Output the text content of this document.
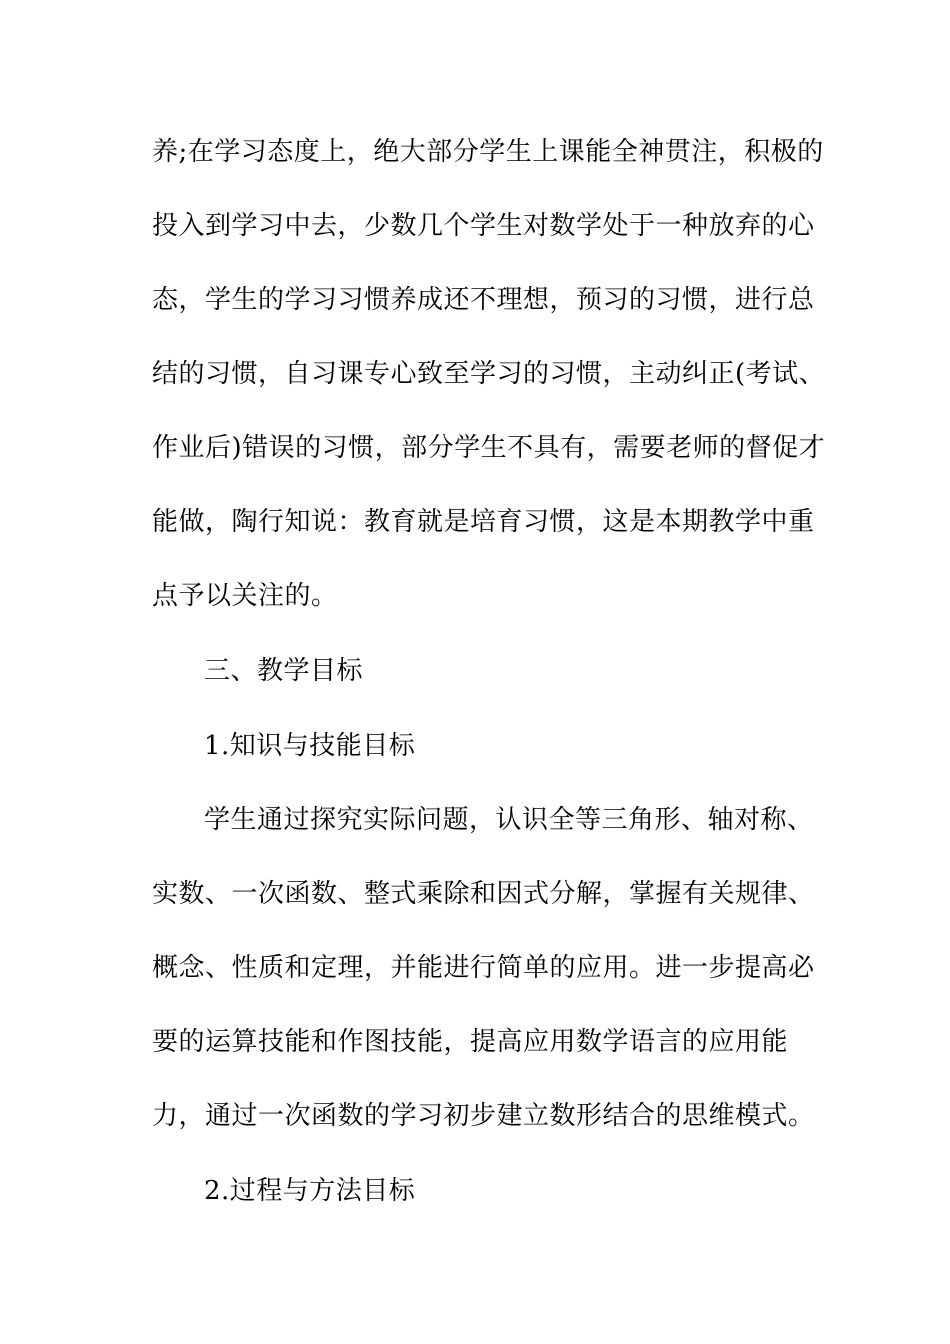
养;在学习态度上，绝大部分学生上课能全神贯注，积极的
投入到学习中去，少数几个学生对数学处于一种放弃的心
态，学生的学习习惯养成还不理想，预习的习惯，进行总
结的习惯，自习课专心致至学习的习惯，主动纠正(考试、
作业后)错误的习惯，部分学生不具有，需要老师的督促才
能做，陶行知说：教育就是培育习惯，这是本期教学中重
点予以关注的。
三、教学目标
1.知识与技能目标
学生通过探究实际问题，认识全等三角形、轴对称、
实数、一次函数、整式乘除和因式分解，掌握有关规律、
概念、性质和定理，并能进行简单的应用。进一步提高必
要的运算技能和作图技能，提高应用数学语言的应用能
力，通过一次函数的学习初步建立数形结合的思维模式。
2.过程与方法目标
